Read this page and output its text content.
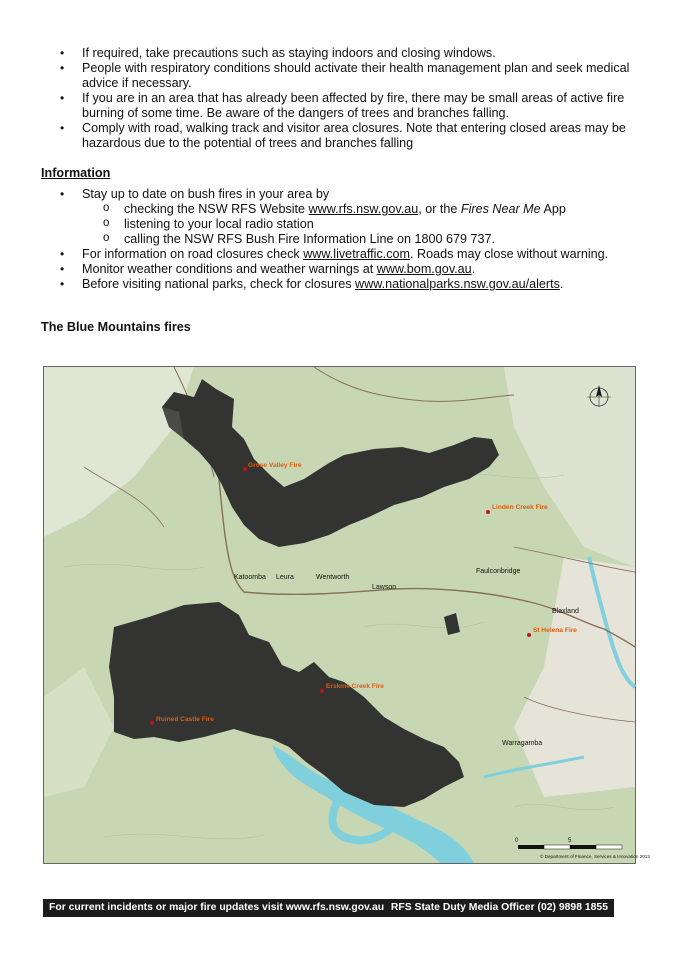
• If required, take precautions such as staying indoors and closing windows.
• People with respiratory conditions should activate their health management plan and seek medical advice if necessary.
• If you are in an area that has already been affected by fire, there may be small areas of active fire burning of some time. Be aware of the dangers of trees and branches falling.
• Comply with road, walking track and visitor area closures. Note that entering closed areas may be hazardous due to the potential of trees and branches falling
Information
• Stay up to date on bush fires in your area by
o checking the NSW RFS Website www.rfs.nsw.gov.au, or the Fires Near Me App
o listening to your local radio station
o calling the NSW RFS Bush Fire Information Line on 1800 679 737.
• For information on road closures check www.livetraffic.com. Roads may close without warning.
• Monitor weather conditions and weather warnings at www.bom.gov.au.
• Before visiting national parks, check for closures www.nationalparks.nsw.gov.au/alerts.
The Blue Mountains fires
Katoomba Leura	Wentworth
Lawson
Faulconbridge
Blaxland
Warragamba
Grose Valley Fire
Linden Creek Fire
St Helena Fire
Erskine Creek Fire
Ruined Castle Fire
0	5
© Department of Finance, Services & Innovation 2013
For current incidents or major fire updates visit www.rfs.nsw.gov.au RFS State Duty Media Officer (02) 9898 1855
